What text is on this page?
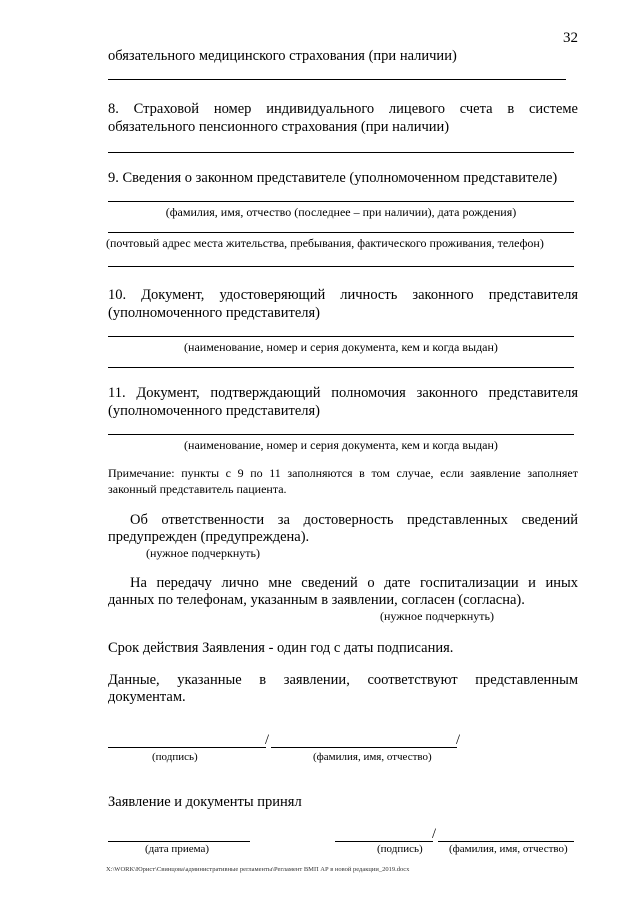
32
обязательного медицинского страхования (при наличии)
8. Страховой номер индивидуального лицевого счета в системе
обязательного пенсионного страхования (при наличии)
9. Сведения о законном представителе (уполномоченном представителе)
(фамилия, имя, отчество (последнее – при наличии), дата рождения)
(почтовый адрес места жительства, пребывания, фактического проживания, телефон)
10. Документ, удостоверяющий личность законного представителя
(уполномоченного представителя)
(наименование, номер и серия документа, кем и когда выдан)
11. Документ, подтверждающий полномочия законного представителя
(уполномоченного представителя)
(наименование, номер и серия документа, кем и когда выдан)
Примечание: пункты с 9 по 11 заполняются в том случае, если заявление заполняет
законный представитель пациента.
Об ответственности за достоверность представленных сведений
предупрежден (предупреждена).
(нужное подчеркнуть)
На передачу лично мне сведений о дате госпитализации и иных
данных по телефонам, указанным в заявлении, согласен (согласна).
(нужное подчеркнуть)
Срок действия Заявления - один год с даты подписания.
Данные, указанные в заявлении, соответствуют представленным
документам.
/	/
(подпись)	(фамилия, имя, отчество)
Заявление и документы принял
/
(дата приема)	(подпись) (фамилия, имя, отчество)
X:\WORK\Юрист\Свинцова\административные регламенты\Регламент ВМП АР в новой редакции_2019.docx
